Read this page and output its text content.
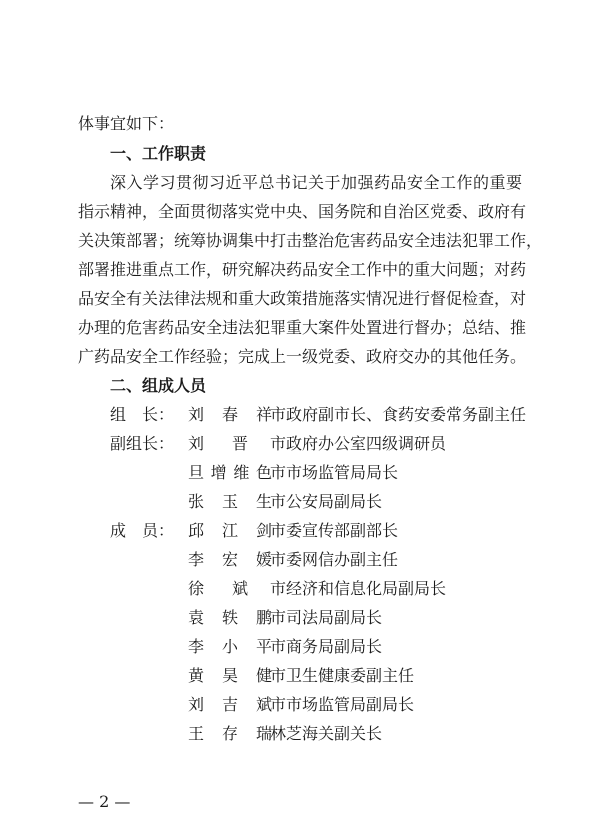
体事宜如下：
一、工作职责
深入学习贯彻习近平总书记关于加强药品安全工作的重要
指示精神，全面贯彻落实党中央、国务院和自治区党委、政府有
关决策部署；统筹协调集中打击整治危害药品安全违法犯罪工作，
部署推进重点工作，研究解决药品安全工作中的重大问题；对药
品安全有关法律法规和重大政策措施落实情况进行督促检查，对
办理的危害药品安全违法犯罪重大案件处置进行督办；总结、推
广药品安全工作经验；完成上一级党委、政府交办的其他任务。
二、组成人员
组　长： 刘春祥
市政府副市长、食药安委常务副主任
副组长： 刘晋 市政府办公室四级调研员
旦增维色
市市场监管局局长
张玉生
市公安局副局长
成　员： 邱江剑
市委宣传部副部长
李宏媛
市委网信办副主任
徐斌 市经济和信息化局副局长
袁轶鹏
市司法局副局长
李小平
市商务局副局长
黄昊健
市卫生健康委副主任
刘吉斌
市市场监管局副局长
王存瑞
林芝海关副关长
— 2 —
